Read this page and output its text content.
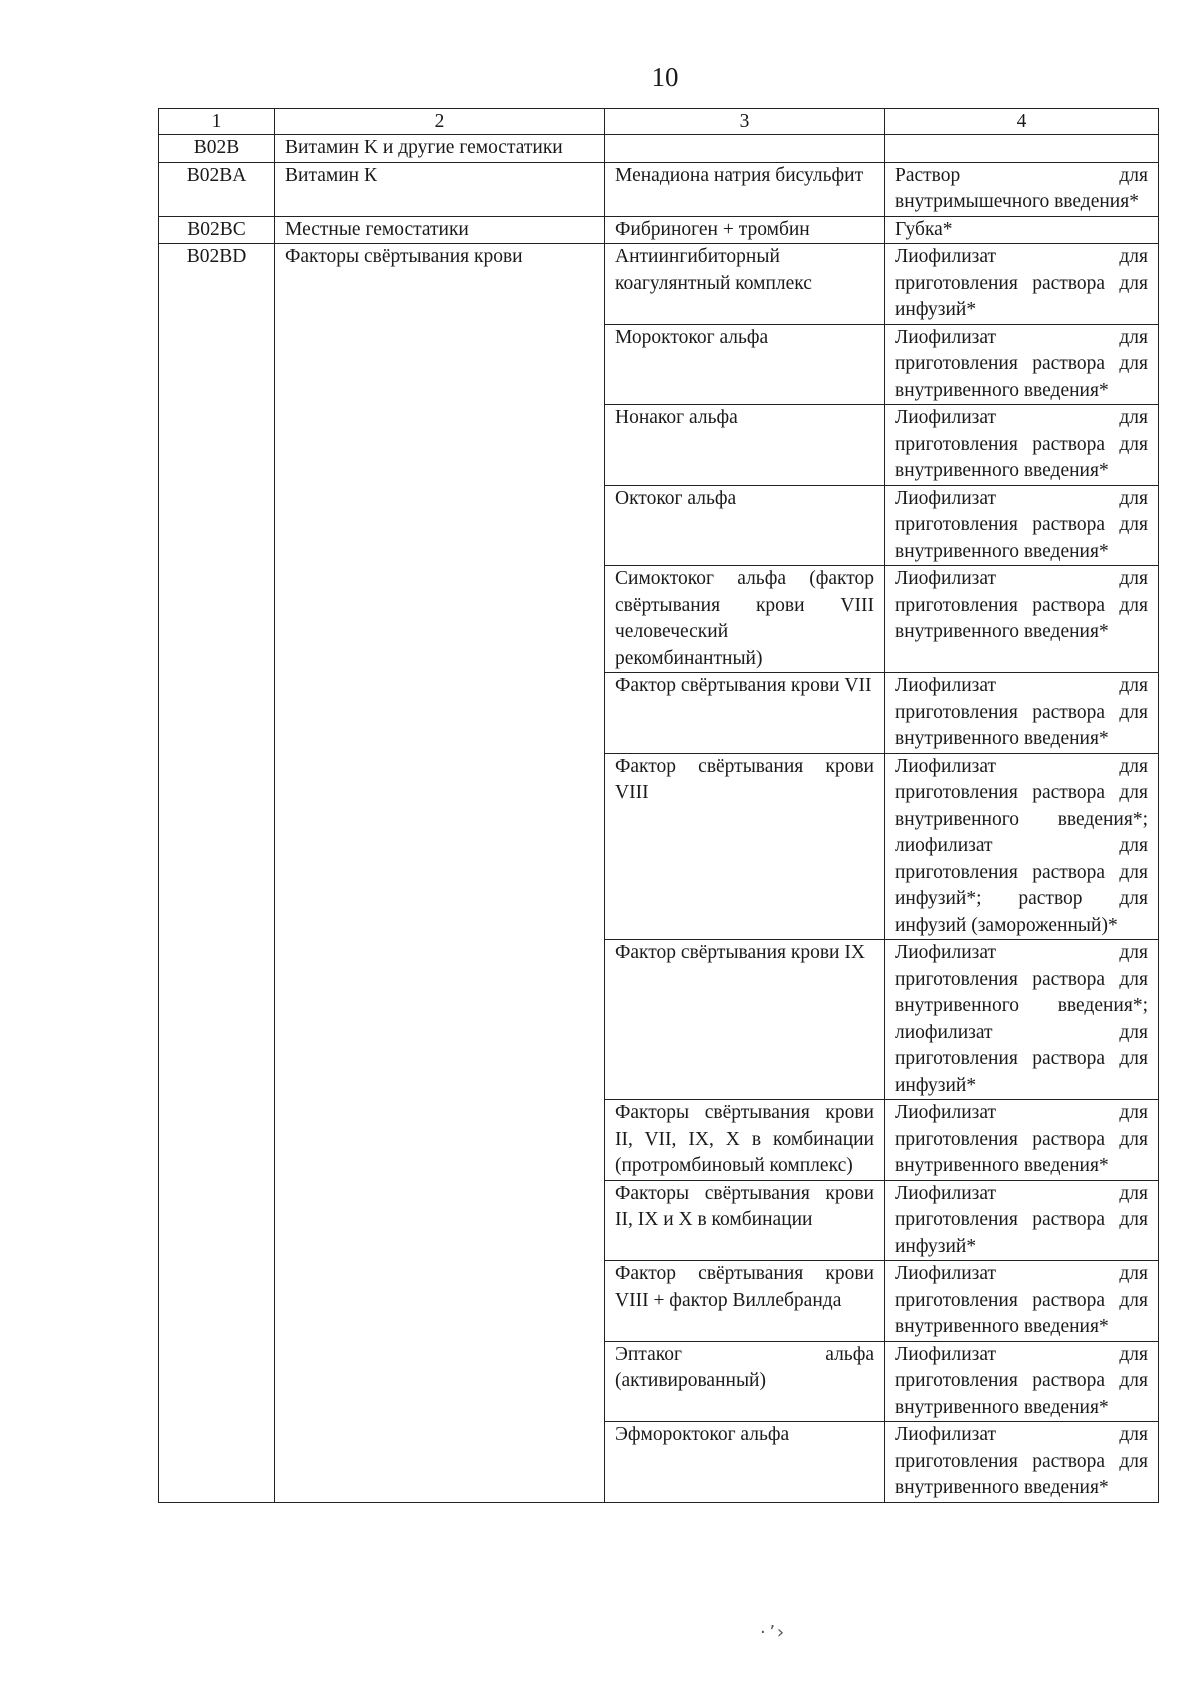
10
1	2	3	4
B02B	Витамин K и другие гемостатики		
B02BA	Витамин К	Менадиона натрия бисульфит	Раствор для внутримышечного введения*
B02BC	Местные гемостатики	Фибриноген + тромбин	Губка*
B02BD	Факторы свёртывания крови	Антиингибиторный коагулянтный комплекс	Лиофилизат для приготовления раствора для инфузий*
		Мороктоког альфа	Лиофилизат для приготовления раствора для внутривенного введения*
		Нонаког альфа	Лиофилизат для приготовления раствора для внутривенного введения*
		Октоког альфа	Лиофилизат для приготовления раствора для внутривенного введения*
		Симоктоког альфа (фактор свёртывания крови VIII человеческий рекомбинантный)	Лиофилизат для приготовления раствора для внутривенного введения*
		Фактор свёртывания крови VII	Лиофилизат для приготовления раствора для внутривенного введения*
		Фактор свёртывания крови VIII	Лиофилизат для приготовления раствора для внутривенного введения*; лиофилизат для приготовления раствора для инфузий*; раствор для инфузий (замороженный)*
		Фактор свёртывания крови IX	Лиофилизат для приготовления раствора для внутривенного введения*; лиофилизат для приготовления раствора для инфузий*
		Факторы свёртывания крови II, VII, IX, X в комбинации (протромбиновый комплекс)	Лиофилизат для приготовления раствора для внутривенного введения*
		Факторы свёртывания крови II, IX и X в комбинации	Лиофилизат для приготовления раствора для инфузий*
		Фактор свёртывания крови VIII + фактор Виллебранда	Лиофилизат для приготовления раствора для внутривенного введения*
		Эптаког альфа (активированный)	Лиофилизат для приготовления раствора для внутривенного введения*
		Эфмороктоког альфа	Лиофилизат для приготовления раствора для внутривенного введения*
· ’ ›
